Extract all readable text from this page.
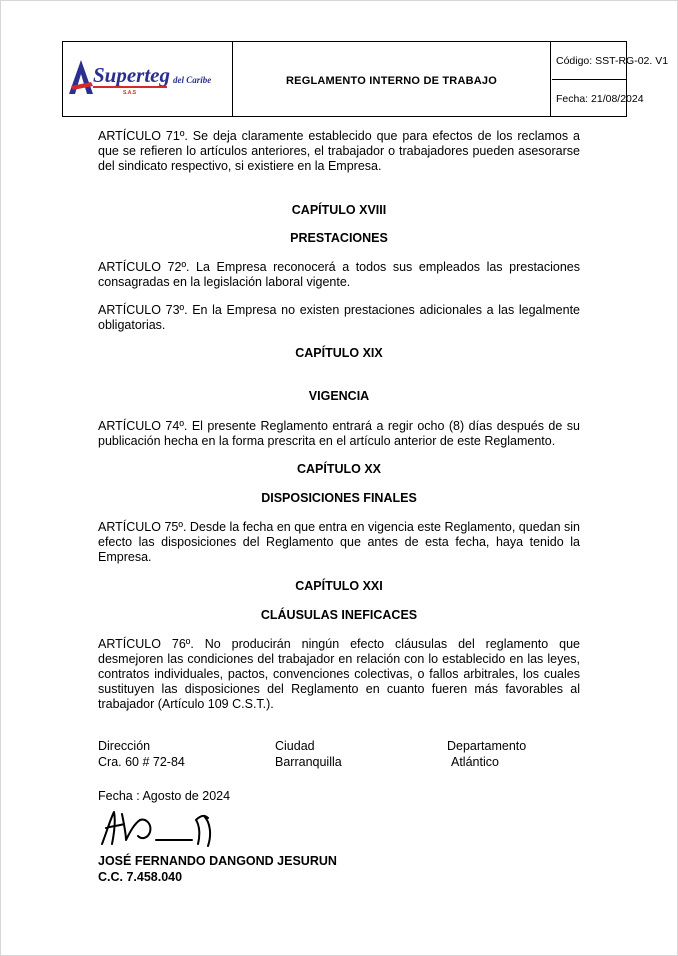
Superteg del Caribe
S.A.S
REGLAMENTO INTERNO DE TRABAJO
Código: SST-RG-02. V1
Fecha: 21/08/2024
ARTÍCULO 71º. Se deja claramente establecido que para efectos de los reclamos a que se refieren lo artículos anteriores, el trabajador o trabajadores pueden asesorarse del sindicato respectivo, si existiere en la Empresa.
CAPÍTULO XVIII
PRESTACIONES
ARTÍCULO 72º. La Empresa reconocerá a todos sus empleados las prestaciones consagradas en la legislación laboral vigente.
ARTÍCULO 73º. En la Empresa no existen prestaciones adicionales a las legalmente obligatorias.
CAPÍTULO XIX
VIGENCIA
ARTÍCULO 74º. El presente Reglamento entrará a regir ocho (8) días después de su publicación hecha en la forma prescrita en el artículo anterior de este Reglamento.
CAPÍTULO XX
DISPOSICIONES FINALES
ARTÍCULO 75º. Desde la fecha en que entra en vigencia este Reglamento, quedan sin efecto las disposiciones del Reglamento que antes de esta fecha, haya tenido la Empresa.
CAPÍTULO XXI
CLÁUSULAS INEFICACES
ARTÍCULO 76º. No producirán ningún efecto cláusulas del reglamento que desmejoren las condiciones del trabajador en relación con lo establecido en las leyes, contratos individuales, pactos, convenciones colectivas, o fallos arbitrales, los cuales sustituyen las disposiciones del Reglamento en cuanto fueren más favorables al trabajador (Artículo 109 C.S.T.).
Dirección
Cra. 60 # 72-84
Ciudad
Barranquilla
Departamento
Atlántico
Fecha : Agosto de 2024
JOSÉ FERNANDO DANGOND JESURUN
C.C. 7.458.040
